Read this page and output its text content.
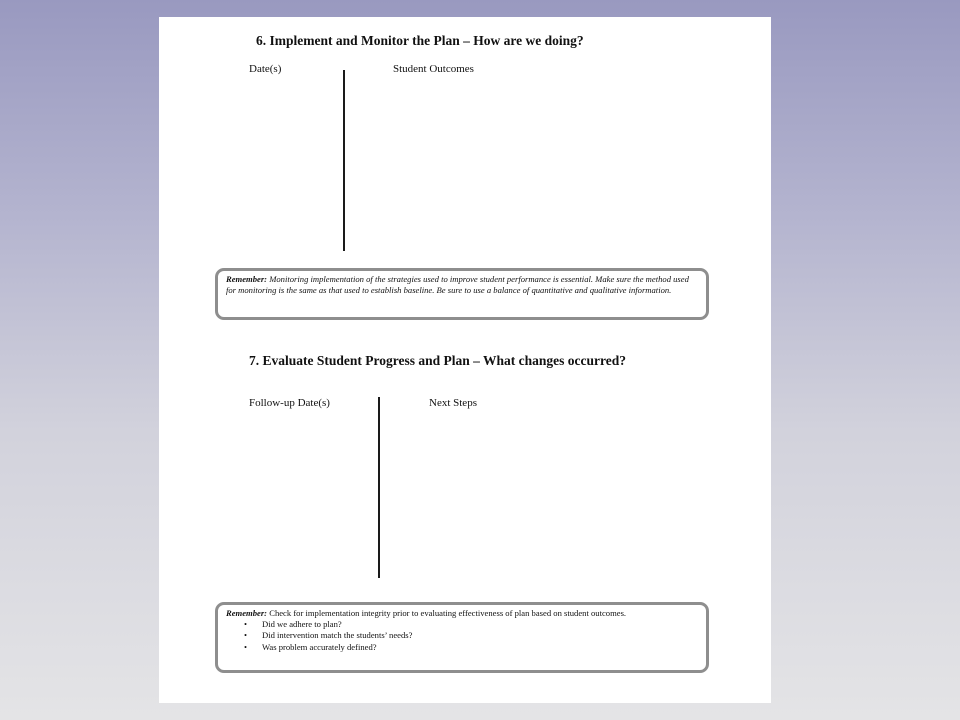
6. Implement and Monitor the Plan – How are we doing?
Date(s)	Student Outcomes
Remember: Monitoring implementation of the strategies used to improve student performance is essential. Make sure the method used for monitoring is the same as that used to establish baseline. Be sure to use a balance of quantitative and qualitative information.
7. Evaluate Student Progress and Plan – What changes occurred?
Follow-up Date(s)	Next Steps
Remember: Check for implementation integrity prior to evaluating effectiveness of plan based on student outcomes.
• Did we adhere to plan?
• Did intervention match the students’ needs?
• Was problem accurately defined?
